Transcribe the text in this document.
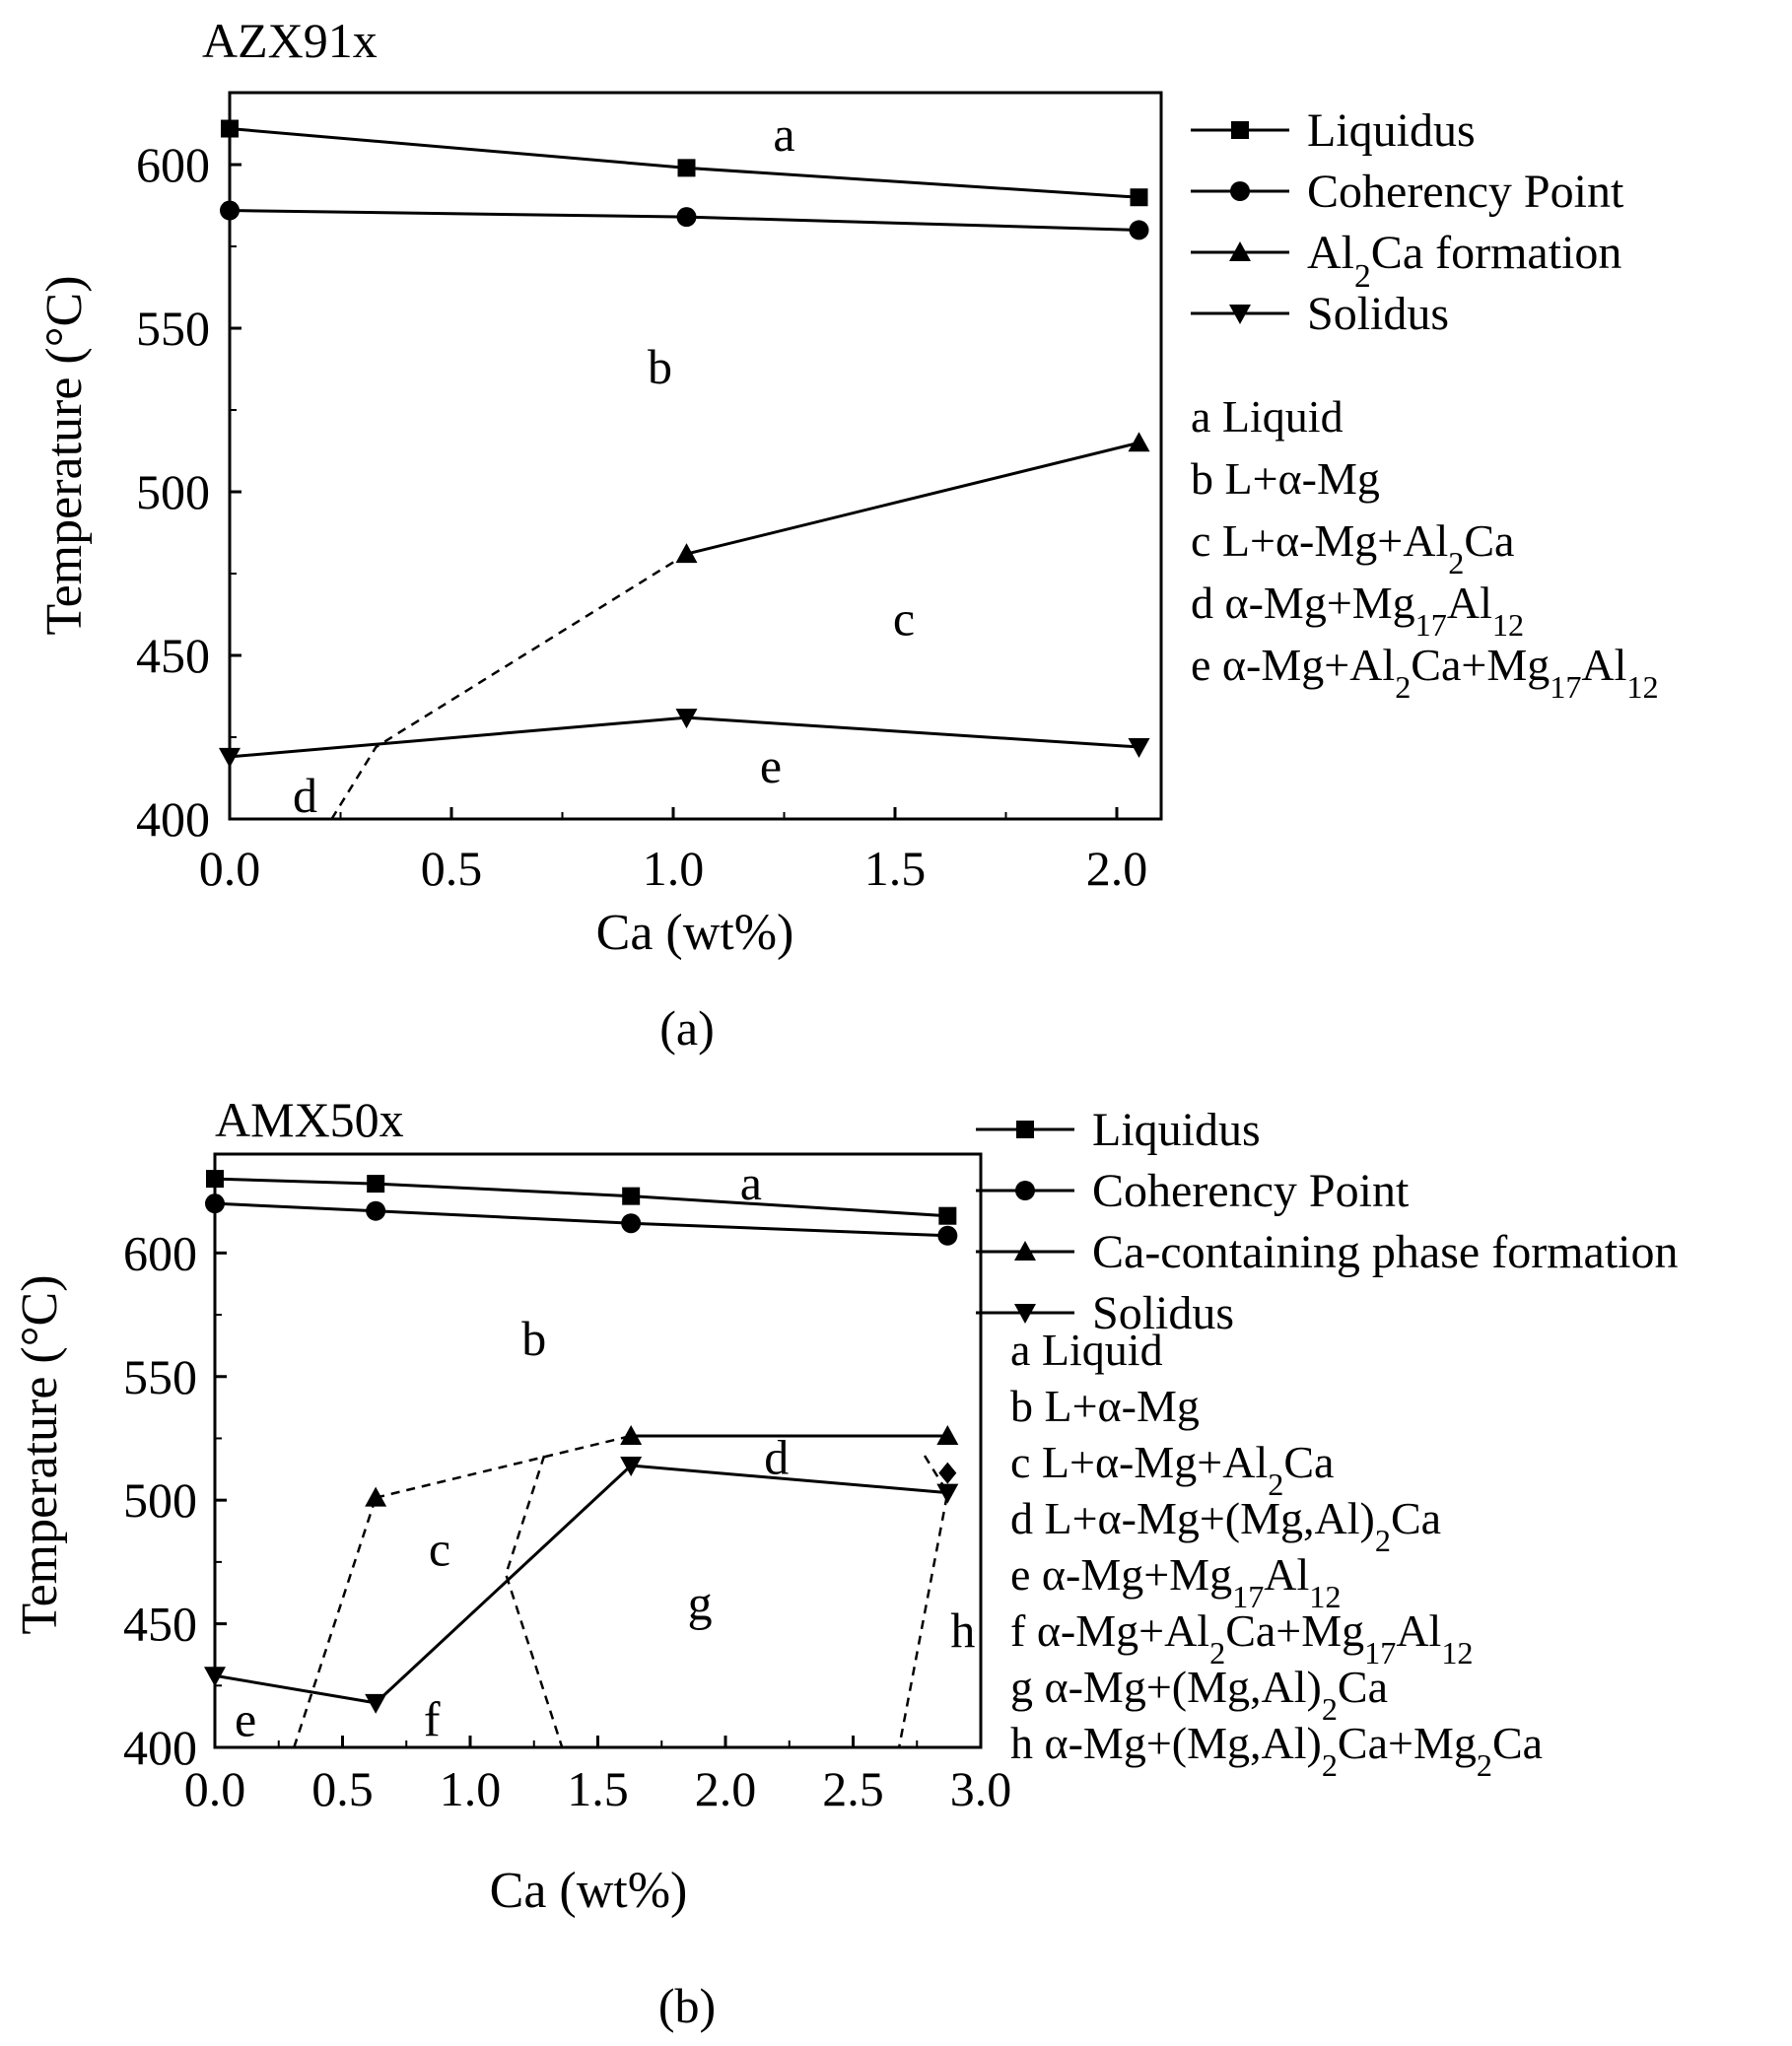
AZX91x
Temperature (°C)
Ca (wt%)
(a)
0.0	0.5	1.0	1.5	2.0
400
450
500
550
600
a
b
c
d
e
Liquidus
Coherency Point
$Al_2Ca$ formation
Solidus
a Liquid
b L+α-Mg
c $L+\alpha-Mg+Al_2Ca$
d $\alpha-Mg+Mg_{17}Al_{12}$
e $\alpha-Mg+Al_2Ca+Mg_{17}Al_{12}$
AMX50x
Temperature (°C)
Ca (wt%)
(b)
0.0 0.5 1.0 1.5 2.0 2.5 3.0
400
450
500
550
600
a
b
c
d
e	f
g	h
Liquidus
Coherency Point
Ca-containing phase formation
Solidus
a Liquid
b L+α-Mg
c $L+\alpha-Mg+Al_2Ca$
d $L+\alpha-Mg+(Mg,Al)_2Ca$
e $\alpha-Mg+Mg_{17}Al_{12}$
f $\alpha-Mg+Al_2Ca+Mg_{17}Al_{12}$
g $\alpha-Mg+(Mg,Al)_2Ca$
h $\alpha-Mg+(Mg,Al)_2Ca+Mg_2Ca$
